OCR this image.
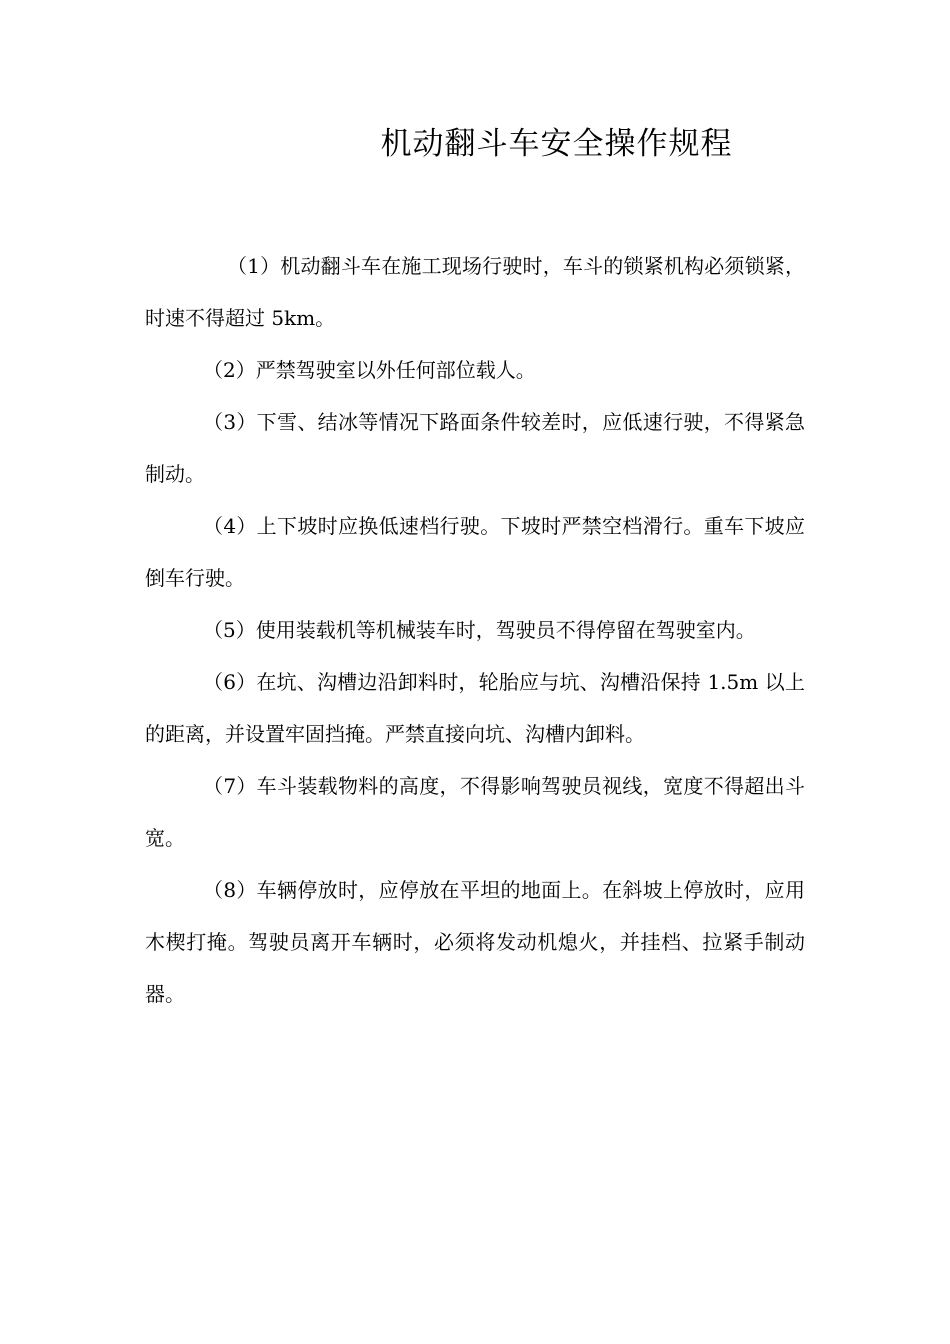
机动翻斗车安全操作规程

（1）机动翻斗车在施工现场行驶时，车斗的锁紧机构必须锁紧，时速不得超过 5km。

（2）严禁驾驶室以外任何部位载人。

（3）下雪、结冰等情况下路面条件较差时，应低速行驶，不得紧急制动。

（4）上下坡时应换低速档行驶。下坡时严禁空档滑行。重车下坡应倒车行驶。

（5）使用装载机等机械装车时，驾驶员不得停留在驾驶室内。

（6）在坑、沟槽边沿卸料时，轮胎应与坑、沟槽沿保持 1.5m 以上的距离，并设置牢固挡掩。严禁直接向坑、沟槽内卸料。

（7）车斗装载物料的高度，不得影响驾驶员视线，宽度不得超出斗宽。

（8）车辆停放时，应停放在平坦的地面上。在斜坡上停放时，应用木楔打掩。驾驶员离开车辆时，必须将发动机熄火，并挂档、拉紧手制动器。
